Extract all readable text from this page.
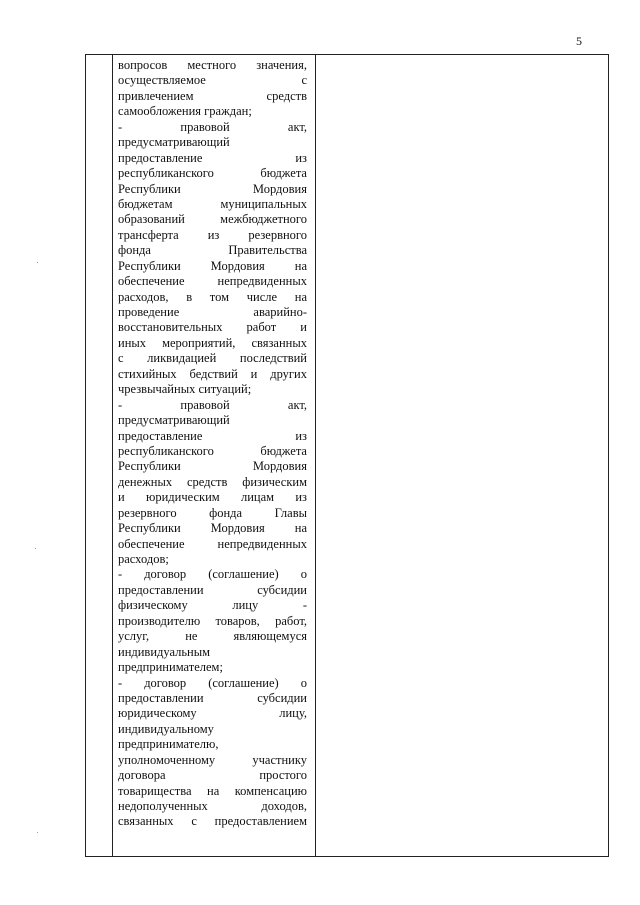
5
вопросов местного значения,
осуществляемое с
привлечением средств
самообложения граждан;
- правовой акт,
предусматривающий
предоставление из
республиканского бюджета
Республики Мордовия
бюджетам муниципальных
образований межбюджетного
трансферта из резервного
фонда Правительства
Республики Мордовия на
обеспечение непредвиденных
расходов, в том числе на
проведение аварийно-
восстановительных работ и
иных мероприятий, связанных
с ликвидацией последствий
стихийных бедствий и других
чрезвычайных ситуаций;
- правовой акт,
предусматривающий
предоставление из
республиканского бюджета
Республики Мордовия
денежных средств физическим
и юридическим лицам из
резервного фонда Главы
Республики Мордовия на
обеспечение непредвиденных
расходов;
- договор (соглашение) о
предоставлении субсидии
физическому лицу -
производителю товаров, работ,
услуг, не являющемуся
индивидуальным
предпринимателем;
- договор (соглашение) о
предоставлении субсидии
юридическому лицу,
индивидуальному
предпринимателю,
уполномоченному участнику
договора простого
товарищества на компенсацию
недополученных доходов,
связанных с предоставлением
